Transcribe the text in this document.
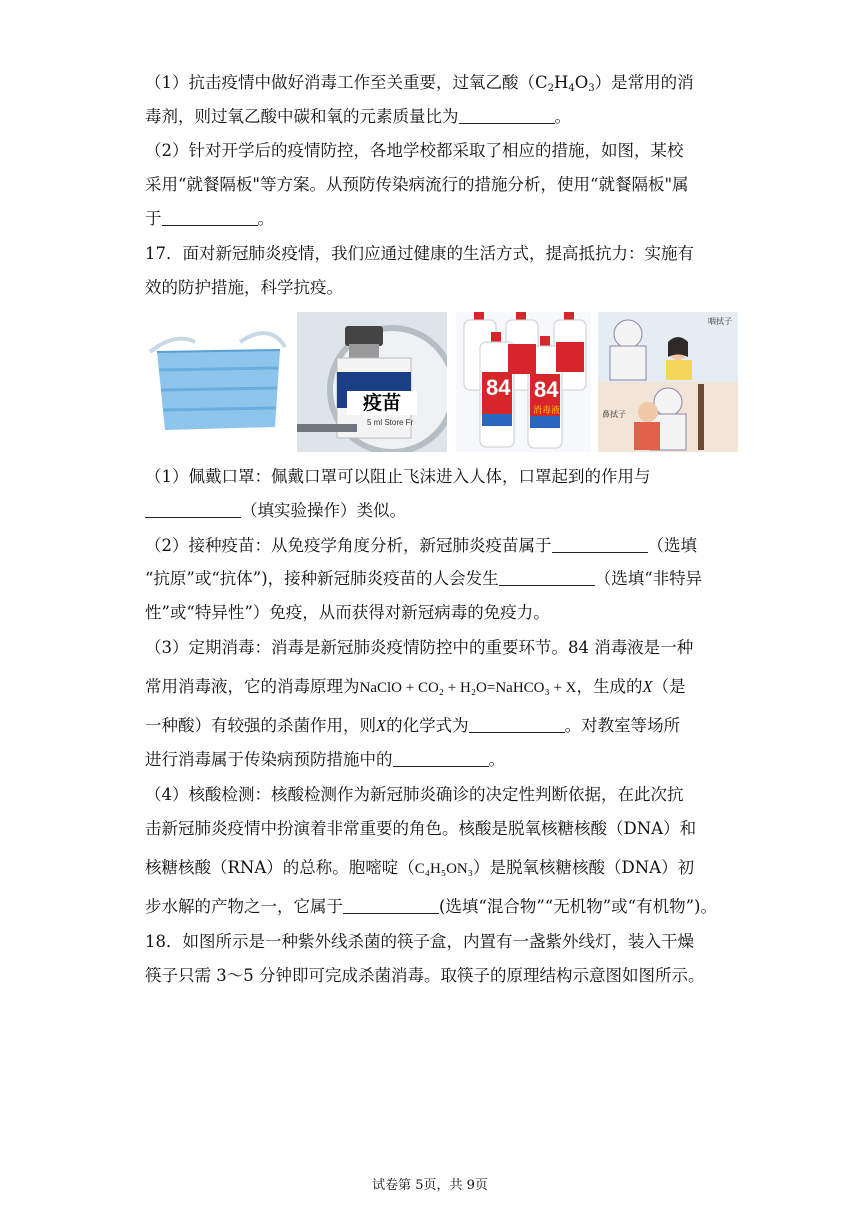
（1）抗击疫情中做好消毒工作至关重要，过氧乙酸$(C_2H_4O_3)$是常用的消
毒剂，则过氧乙酸中碳和氧的元素质量比为	。
（2）针对开学后的疫情防控，各地学校都采取了相应的措施，如图，某校
采用“就餐隔板"等方案。从预防传染病流行的措施分析，使用“就餐隔板"属
于	。
17．面对新冠肺炎疫情，我们应通过健康的生活方式，提高抵抗力：实施有
效的防护措施，科学抗疫。
疫苗
5 ml Store Fr
84 84
消毒液
咽拭子
鼻拭子
（1）佩戴口罩：佩戴口罩可以阻止飞沫进入人体，口罩起到的作用与
（填实验操作）类似。
（2）接种疫苗：从免疫学角度分析，新冠肺炎疫苗属于	（选填
“抗原”或“抗体”)，接种新冠肺炎疫苗的人会发生	（选填“非特异
性”或“特异性”）免疫，从而获得对新冠病毒的免疫力。
（3）定期消毒：消毒是新冠肺炎疫情防控中的重要环节。84 消毒液是一种
常用消毒液，它的消毒原理为NaClO + CO₂ + H₂O=NaHCO₃ + X，生成的X（是
一种酸）有较强的杀菌作用，则X的化学式为	。对教室等场所
进行消毒属于传染病预防措施中的	。
（4）核酸检测：核酸检测作为新冠肺炎确诊的决定性判断依据，在此次抗
击新冠肺炎疫情中扮演着非常重要的角色。核酸是脱氧核糖核酸（DNA）和
核糖核酸（RNA）的总称。胞嘧啶（C₄H₅ON₃）是脱氧核糖核酸（DNA）初
步水解的产物之一，它属于	(选填“混合物”“无机物”或“有机物”)。
18．如图所示是一种紫外线杀菌的筷子盒，内置有一盏紫外线灯，装入干燥
筷子只需 3～5 分钟即可完成杀菌消毒。取筷子的原理结构示意图如图所示。
试卷第 5页，共 9页
